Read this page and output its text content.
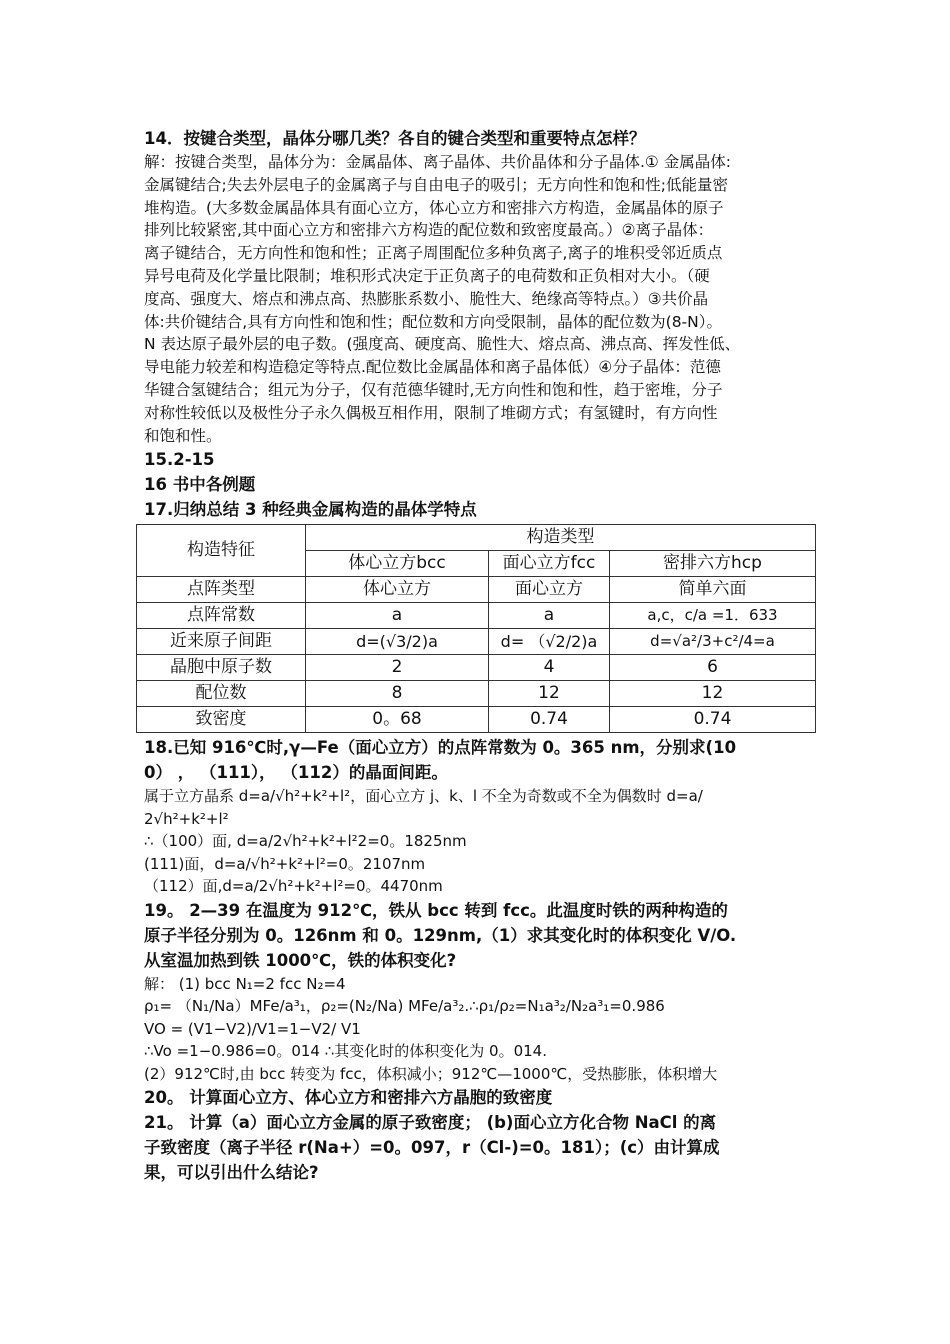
14．按键合类型，晶体分哪几类？各自的键合类型和重要特点怎样？

解：按键合类型，晶体分为：金属晶体、离子晶体、共价晶体和分子晶体.① 金属晶体:

金属键结合;失去外层电子的金属离子与自由电子的吸引；无方向性和饱和性;低能量密

堆构造。(大多数金属晶体具有面心立方，体心立方和密排六方构造，金属晶体的原子

排列比较紧密,其中面心立方和密排六方构造的配位数和致密度最高。）②离子晶体：

离子键结合，无方向性和饱和性；正离子周围配位多种负离子,离子的堆积受邻近质点

异号电荷及化学量比限制；堆积形式决定于正负离子的电荷数和正负相对大小。（硬

度高、强度大、熔点和沸点高、热膨胀系数小、脆性大、绝缘高等特点。）③共价晶

体:共价键结合,具有方向性和饱和性；配位数和方向受限制，晶体的配位数为(8-N）。

N 表达原子最外层的电子数。(强度高、硬度高、脆性大、熔点高、沸点高、挥发性低、

导电能力较差和构造稳定等特点.配位数比金属晶体和离子晶体低）④分子晶体：范德

华键合氢键结合；组元为分子，仅有范德华键时,无方向性和饱和性，趋于密堆，分子

对称性较低以及极性分子永久偶极互相作用，限制了堆砌方式；有氢键时，有方向性

和饱和性。

15.2-15

16 书中各例题

17.归纳总结 3 种经典金属构造的晶体学特点

构造特征	构造类型		
	体心立方bcc	面心立方fcc	密排六方hcp
点阵类型	体心立方	面心立方	简单六面
点阵常数	a	a	a,c，c/a =1．633
近来原子间距	d=(√3/2)a	d= （√2/2)a	d=√a²/3+c²/4=a
晶胞中原子数	2	4	6
配位数	8	12	12
致密度	0。68	0.74	0.74

18.已知 916℃时,γ—Fe（面心立方）的点阵常数为 0。365 nm，分别求(10

0） ， （111）， （112）的晶面间距。

属于立方晶系 d=a/√h²+k²+l²，面心立方 j、k、l 不全为奇数或不全为偶数时 d=a/

2√h²+k²+l²

∴（100）面, d=a/2√h²+k²+l²2=0。1825nm

(111)面，d=a/√h²+k²+l²=0。2107nm

（112）面,d=a/2√h²+k²+l²=0。4470nm

19。 2—39 在温度为 912℃，铁从 bcc 转到 fcc。此温度时铁的两种构造的

原子半径分别为 0。126nm 和 0。129nm,（1）求其变化时的体积变化 V/O.

从室温加热到铁 1000℃，铁的体积变化?

解： (1) bcc N₁=2 fcc N₂=4

ρ₁= （N₁/Na）MFe/a³₁，ρ₂=(N₂/Na) MFe/a³₂.∴ρ₁/ρ₂=N₁a³₂/N₂a³₁=0.986

VO = (V1−V2)/V1=1−V2/ V1

∴Vo =1−0.986=0。014 ∴其变化时的体积变化为 0。014.

(2）912℃时,由 bcc 转变为 fcc，体积减小；912℃—1000℃，受热膨胀，体积增大

20。 计算面心立方、体心立方和密排六方晶胞的致密度

21。 计算（a）面心立方金属的原子致密度； (b)面心立方化合物 NaCl 的离

子致密度（离子半径 r(Na+）=0。097，r（Cl-)=0。181）；(c）由计算成

果，可以引出什么结论?
